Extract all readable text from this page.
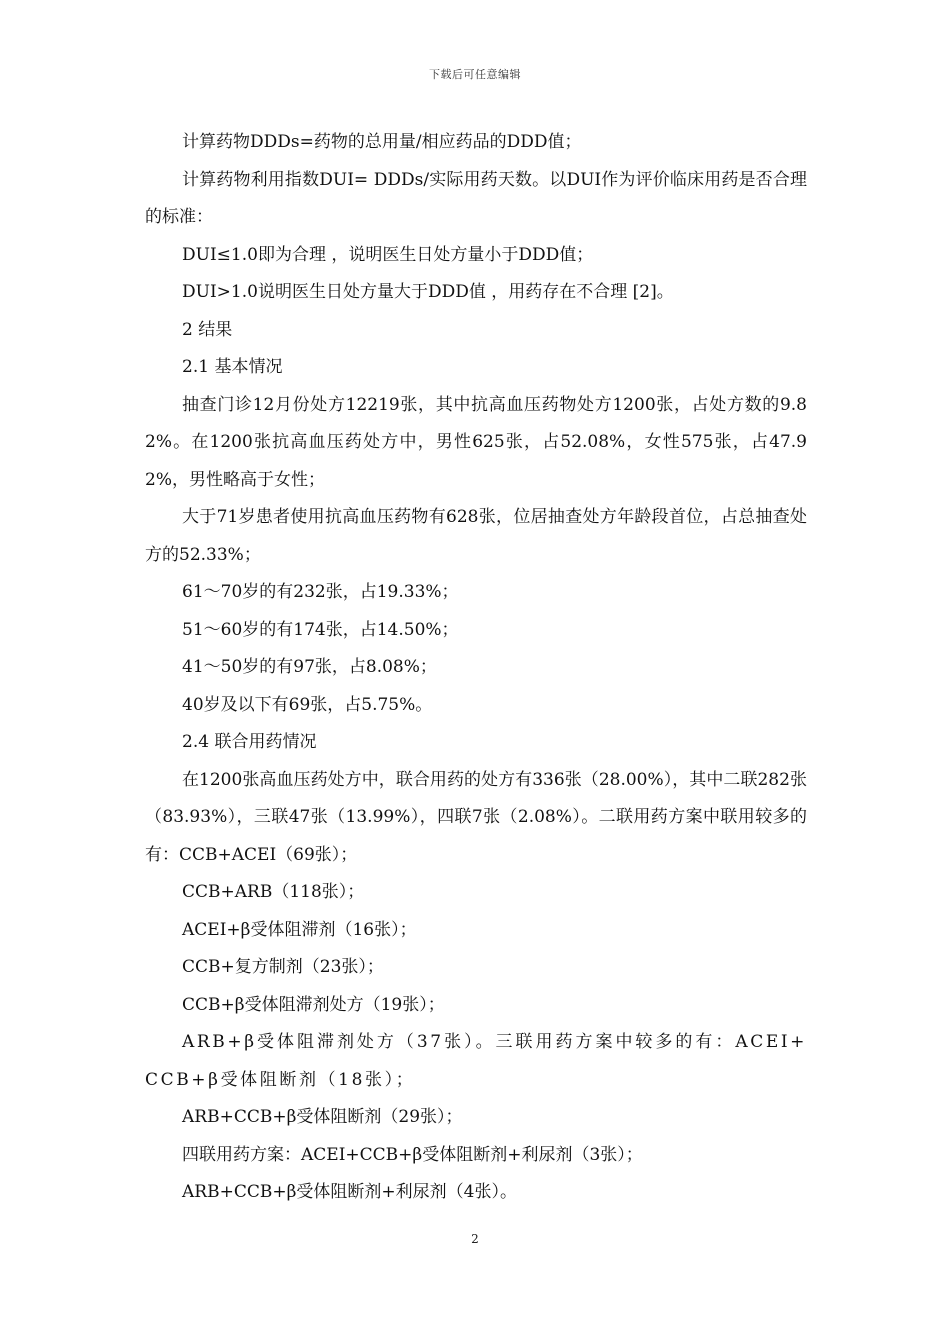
下载后可任意编辑

计算药物DDDs=药物的总用量/相应药品的DDD值；

计算药物利用指数DUI= DDDs/实际用药天数。以DUI作为评价临床用药是否合理的标准：

DUI≤1.0即为合理 ，说明医生日处方量小于DDD值；

DUI>1.0说明医生日处方量大于DDD值 ，用药存在不合理 [2]。

2 结果

2.1 基本情况

抽查门诊12月份处方12219张，其中抗高血压药物处方1200张，占处方数的9.82%。在1200张抗高血压药处方中，男性625张，占52.08%，女性575张，占47.92%，男性略高于女性；

大于71岁患者使用抗高血压药物有628张，位居抽查处方年龄段首位，占总抽查处方的52.33%；

61～70岁的有232张，占19.33%；

51～60岁的有174张，占14.50%；

41～50岁的有97张，占8.08%；

40岁及以下有69张，占5.75%。

2.4 联合用药情况

在1200张高血压药处方中，联合用药的处方有336张（28.00%），其中二联282张（83.93%），三联47张（13.99%），四联7张（2.08%）。二联用药方案中联用较多的有：CCB+ACEI（69张）；

CCB+ARB（118张）；

ACEI+β受体阻滞剂（16张）；

CCB+复方制剂（23张）；

CCB+β受体阻滞剂处方（19张）；

ARB+β受体阻滞剂处方（37张）。三联用药方案中较多的有：ACEI+CCB+β受体阻断剂（18张）；

ARB+CCB+β受体阻断剂（29张）；

四联用药方案：ACEI+CCB+β受体阻断剂+利尿剂（3张）；

ARB+CCB+β受体阻断剂+利尿剂（4张）。

2
